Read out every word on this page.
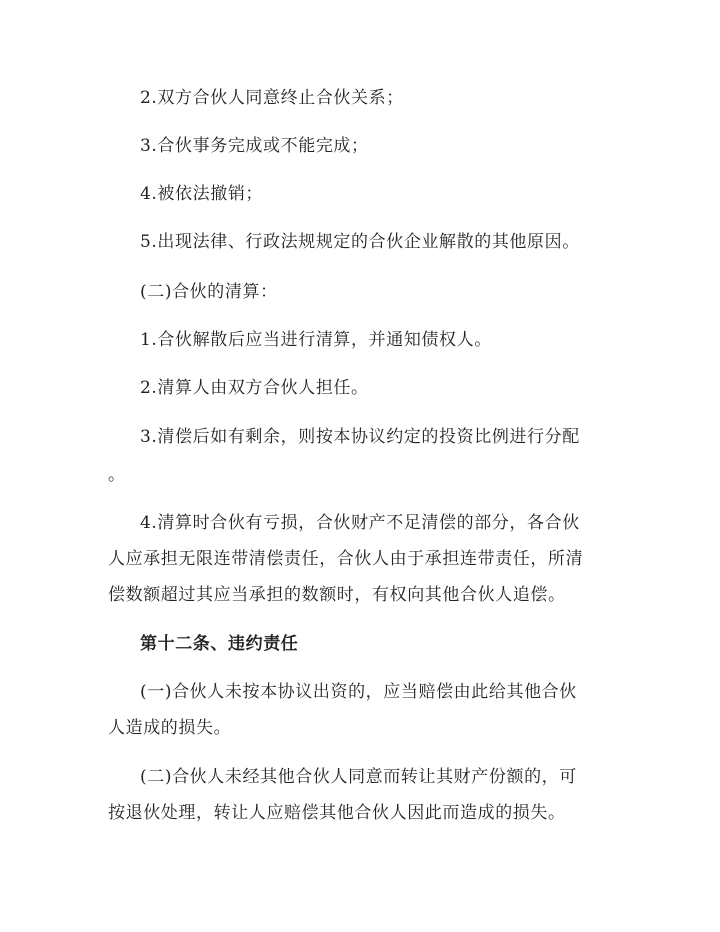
2.双方合伙人同意终止合伙关系；
3.合伙事务完成或不能完成；
4.被依法撤销；
5.出现法律、行政法规规定的合伙企业解散的其他原因。
(二)合伙的清算：
1.合伙解散后应当进行清算，并通知债权人。
2.清算人由双方合伙人担任。
3.清偿后如有剩余，则按本协议约定的投资比例进行分配
。
4.清算时合伙有亏损，合伙财产不足清偿的部分，各合伙
人应承担无限连带清偿责任，合伙人由于承担连带责任，所清
偿数额超过其应当承担的数额时，有权向其他合伙人追偿。
第十二条、违约责任
(一)合伙人未按本协议出资的，应当赔偿由此给其他合伙
人造成的损失。
(二)合伙人未经其他合伙人同意而转让其财产份额的，可
按退伙处理，转让人应赔偿其他合伙人因此而造成的损失。
